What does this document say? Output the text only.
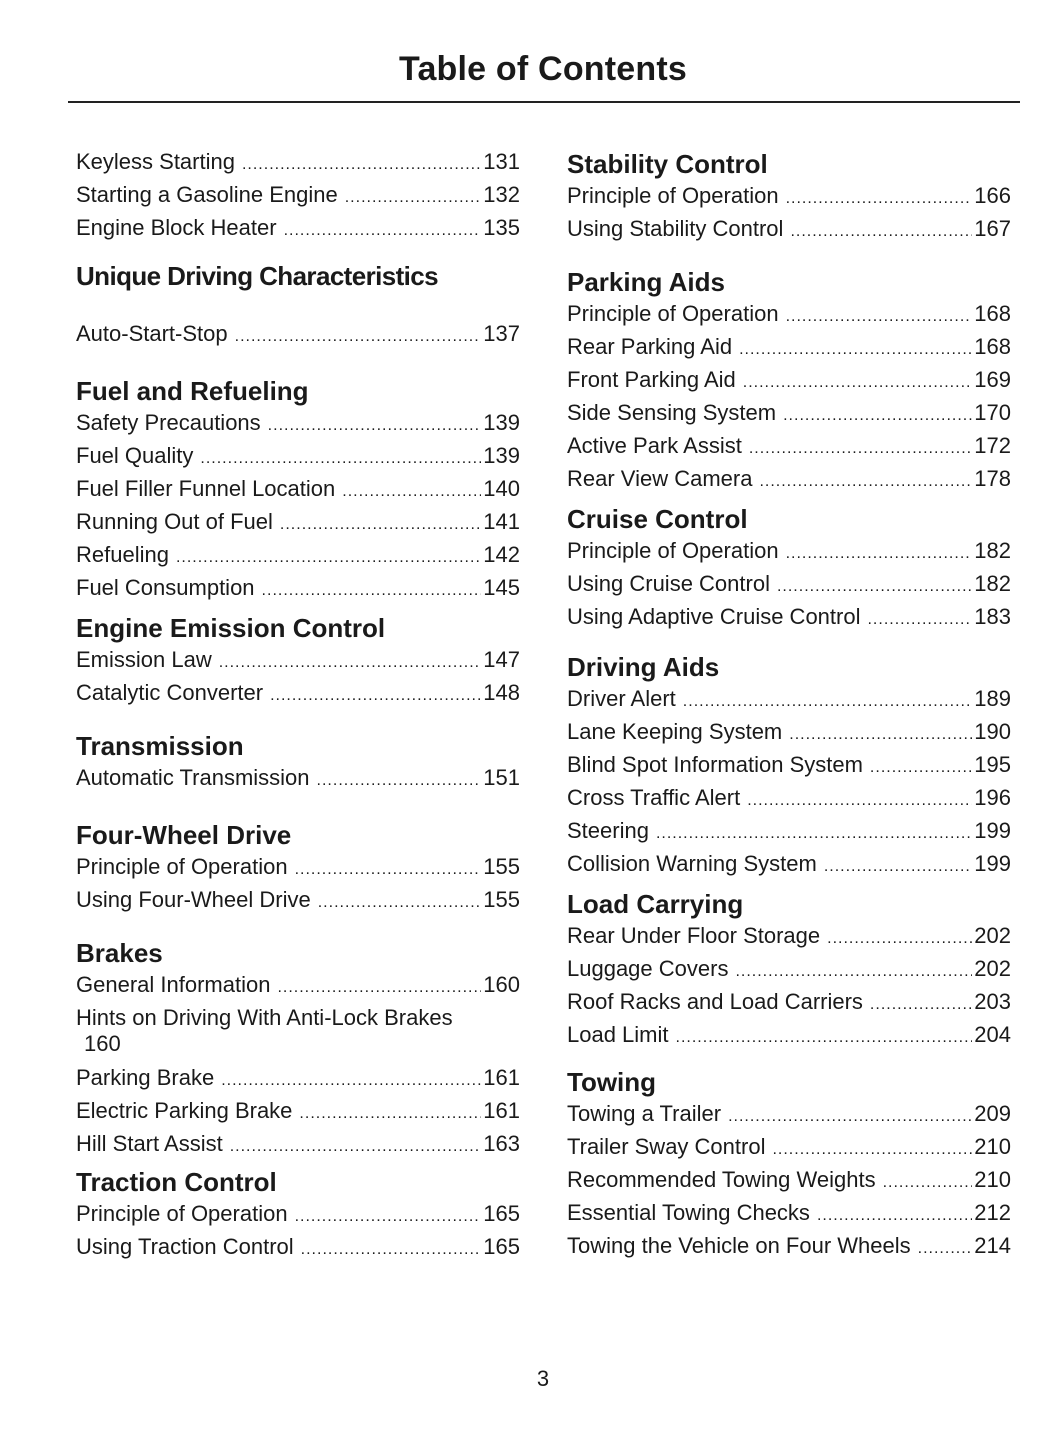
Table of Contents
Keyless Starting .....	131
Starting a Gasoline Engine .....	132
Engine Block Heater .....	135
Unique Driving Characteristics
Auto-Start-Stop .....	137
Fuel and Refueling
Safety Precautions .....	139
Fuel Quality .....	139
Fuel Filler Funnel Location .....	140
Running Out of Fuel .....	141
Refueling .....	142
Fuel Consumption .....	145
Engine Emission Control
Emission Law .....	147
Catalytic Converter .....	148
Transmission
Automatic Transmission .....	151
Four-Wheel Drive
Principle of Operation .....	155
Using Four-Wheel Drive .....	155
Brakes
General Information .....	160
Hints on Driving With Anti-Lock Brakes
160
Parking Brake .....	161
Electric Parking Brake .....	161
Hill Start Assist .....	163
Traction Control
Principle of Operation .....	165
Using Traction Control .....	165
Stability Control
Principle of Operation .....	166
Using Stability Control .....	167
Parking Aids
Principle of Operation .....	168
Rear Parking Aid .....	168
Front Parking Aid .....	169
Side Sensing System .....	170
Active Park Assist .....	172
Rear View Camera .....	178
Cruise Control
Principle of Operation .....	182
Using Cruise Control .....	182
Using Adaptive Cruise Control .....	183
Driving Aids
Driver Alert .....	189
Lane Keeping System .....	190
Blind Spot Information System .....	195
Cross Traffic Alert .....	196
Steering .....	199
Collision Warning System .....	199
Load Carrying
Rear Under Floor Storage .....	202
Luggage Covers .....	202
Roof Racks and Load Carriers .....	203
Load Limit .....	204
Towing
Towing a Trailer .....	209
Trailer Sway Control .....	210
Recommended Towing Weights .....	210
Essential Towing Checks .....	212
Towing the Vehicle on Four Wheels .....	214
3
